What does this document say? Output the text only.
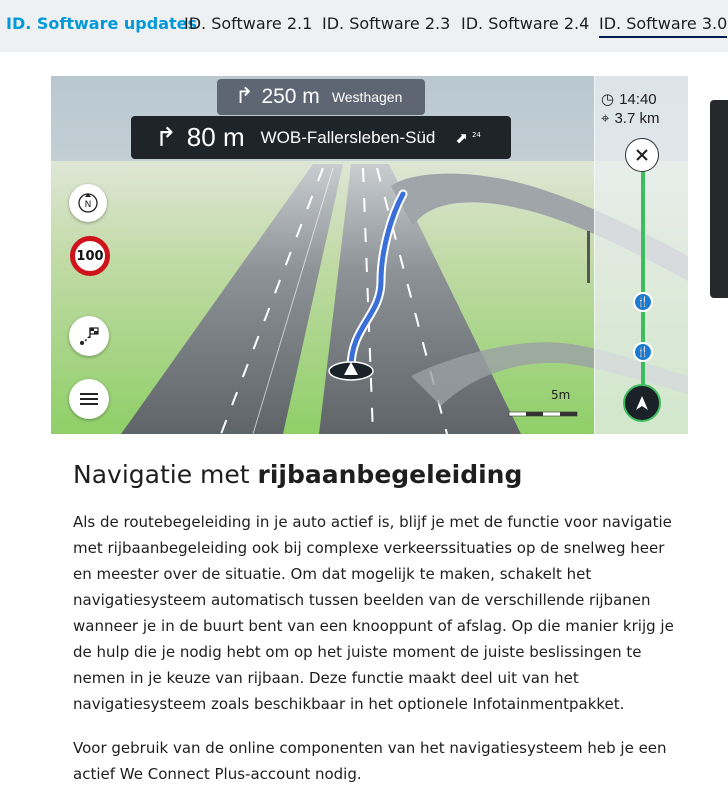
ID. Software updates
ID. Software 2.1 ID. Software 2.3 ID. Software 2.4 ID. Software 3.0
↱ 250 m Westhagen
↱ 80 m WOB-Fallersleben-Süd ⬈ 24
N
100
5m
◷ 14:40
⌖ 3.7 km
🍴
🍴
Navigatie met rijbaanbegeleiding

Als de routebegeleiding in je auto actief is, blijf je met de functie voor navigatie met rijbaanbegeleiding ook bij complexe verkeerssituaties op de snelweg heer en meester over de situatie. Om dat mogelijk te maken, schakelt het navigatiesysteem automatisch tussen beelden van de verschillende rijbanen wanneer je in de buurt bent van een knooppunt of afslag. Op die manier krijg je de hulp die je nodig hebt om op het juiste moment de juiste beslissingen te nemen in je keuze van rijbaan. Deze functie maakt deel uit van het navigatiesysteem zoals beschikbaar in het optionele Infotainmentpakket.

Voor gebruik van de online componenten van het navigatiesysteem heb je een actief We Connect Plus-account nodig.
